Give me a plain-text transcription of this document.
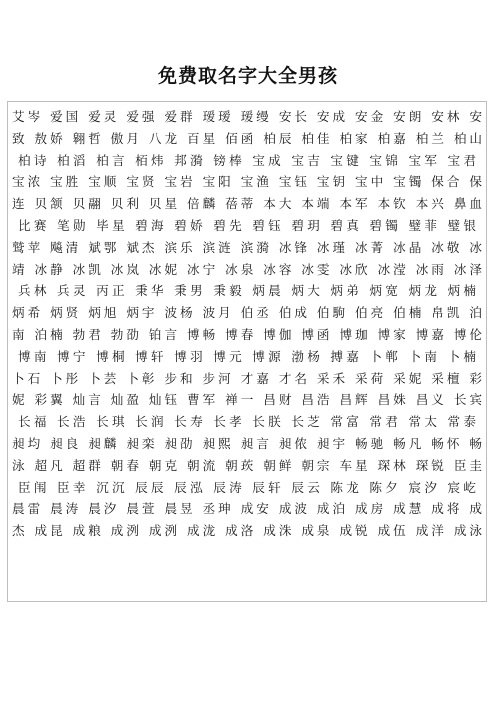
免费取名字大全男孩
艾岑 爱国 爱灵 爱强 爱群 瑷瑷 瑷缦 安长 安成 安金 安朗 安林 安
致 敖娇 翱哲 傲月 八龙 百星 佰函 柏辰 柏佳 柏家 柏嘉 柏兰 柏山
柏诗 柏滔 柏言 栢炜 邦漪 镑棒 宝成 宝吉 宝键 宝锦 宝军 宝君
宝浓 宝胜 宝顺 宝贤 宝岩 宝阳 宝渔 宝钰 宝钥 宝中 宝镯 保合 保
连 贝颔 贝翮 贝利 贝星 倍麟 蓓蒂 本大 本端 本军 本钦 本兴 鼻血
比赛 笔勋 毕星 碧海 碧娇 碧先 碧钰 碧玥 碧真 碧镯 璧菲 璧银
鹫苹 飚清 斌鄂 斌杰 滨乐 滨涟 滨漪 冰锋 冰瑾 冰菁 冰晶 冰敬 冰
靖 冰静 冰凯 冰岚 冰妮 冰宁 冰泉 冰容 冰雯 冰欣 冰滢 冰雨 冰泽
兵林 兵灵 丙正 秉华 秉男 秉毅 炳晨 炳大 炳弟 炳宽 炳龙 炳楠
炳希 炳贤 炳旭 炳宇 波杨 波月 伯丞 伯成 伯駒 伯亮 伯楠 帛凯 泊
南 泊楠 勃君 勃劭 铂言 博畅 博春 博伽 博函 博珈 博家 博嘉 博伦
博南 博宁 博桐 博轩 博羽 博元 博源 渤杨 搏嘉 卜郸 卜南 卜楠
卜石 卜彤 卜芸 卜彰 步和 步河 才嘉 才名 采禾 采荷 采妮 采檀 彩
妮 彩翼 灿言 灿盈 灿钰 曹军 禅一 昌财 昌浩 昌辉 昌姝 昌义 长宾
长福 长浩 长琪 长润 长寿 长孝 长朕 长芝 常富 常君 常太 常泰
昶均 昶良 昶麟 昶栾 昶劭 昶熙 昶言 昶侬 昶宇 畅驰 畅凡 畅怀 畅
泳 超凡 超群 朝春 朝克 朝流 朝莰 朝鲜 朝宗 车星 琛林 琛锐 臣圭
臣闱 臣幸 沉沉 辰辰 辰泓 辰涛 辰轩 辰云 陈龙 陈夕 宸汐 宸屹
晨雷 晨涛 晨汐 晨萱 晨昱 丞珅 成安 成波 成泊 成房 成慧 成将 成
杰 成昆 成粮 成洌 成洌 成泷 成洛 成洙 成泉 成锐 成伍 成洋 成泳
